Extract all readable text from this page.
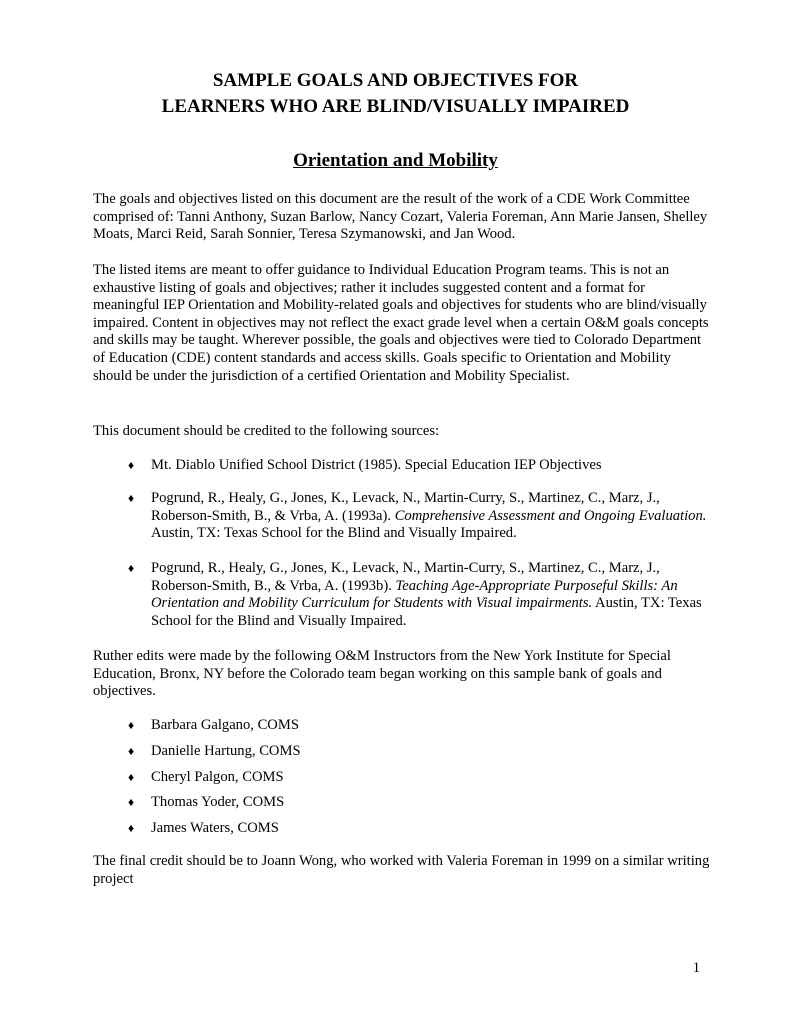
SAMPLE GOALS AND OBJECTIVES FOR
LEARNERS WHO ARE BLIND/VISUALLY IMPAIRED
Orientation and Mobility

The goals and objectives listed on this document are the result of the work of a CDE Work Committee comprised of: Tanni Anthony, Suzan Barlow, Nancy Cozart, Valeria Foreman, Ann Marie Jansen, Shelley Moats, Marci Reid, Sarah Sonnier, Teresa Szymanowski, and Jan Wood.

The listed items are meant to offer guidance to Individual Education Program teams. This is not an exhaustive listing of goals and objectives; rather it includes suggested content and a format for meaningful IEP Orientation and Mobility-related goals and objectives for students who are blind/visually impaired. Content in objectives may not reflect the exact grade level when a certain O&M goals concepts and skills may be taught. Wherever possible, the goals and objectives were tied to Colorado Department of Education (CDE) content standards and access skills. Goals specific to Orientation and Mobility should be under the jurisdiction of a certified Orientation and Mobility Specialist.

This document should be credited to the following sources:

♦	Mt. Diablo Unified School District (1985). Special Education IEP Objectives
♦	Pogrund, R., Healy, G., Jones, K., Levack, N., Martin-Curry, S., Martinez, C., Marz, J., Roberson-Smith, B., & Vrba, A. (1993a). Comprehensive Assessment and Ongoing Evaluation. Austin, TX: Texas School for the Blind and Visually Impaired.
♦	Pogrund, R., Healy, G., Jones, K., Levack, N., Martin-Curry, S., Martinez, C., Marz, J., Roberson-Smith, B., & Vrba, A. (1993b). Teaching Age-Appropriate Purposeful Skills: An Orientation and Mobility Curriculum for Students with Visual impairments. Austin, TX: Texas School for the Blind and Visually Impaired.

Ruther edits were made by the following O&M Instructors from the New York Institute for Special Education, Bronx, NY before the Colorado team began working on this sample bank of goals and objectives.

♦	Barbara Galgano, COMS
♦	Danielle Hartung, COMS
♦	Cheryl Palgon, COMS
♦	Thomas Yoder, COMS
♦	James Waters, COMS

The final credit should be to Joann Wong, who worked with Valeria Foreman in 1999 on a similar writing project

1
